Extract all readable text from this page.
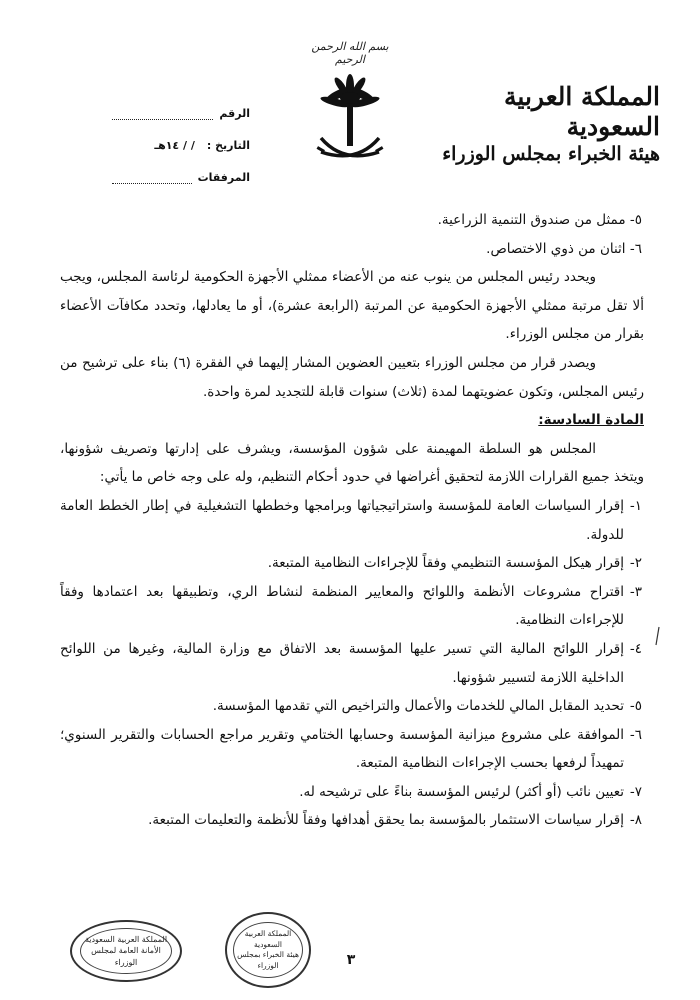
بسم الله الرحمن الرحيم
المملكة العربية السعودية
هيئة الخبراء بمجلس الوزراء
الرقم
التاريخ :
/ / ١٤هـ
المرفقات

٥- ممثل من صندوق التنمية الزراعية.

٦- اثنان من ذوي الاختصاص.

ويحدد رئيس المجلس من ينوب عنه من الأعضاء ممثلي الأجهزة الحكومية لرئاسة المجلس، ويجب ألا تقل مرتبة ممثلي الأجهزة الحكومية عن المرتبة (الرابعة عشرة)، أو ما يعادلها، وتحدد مكافآت الأعضاء بقرار من مجلس الوزراء.

ويصدر قرار من مجلس الوزراء بتعيين العضوين المشار إليهما في الفقرة (٦) بناء على ترشيح من رئيس المجلس، وتكون عضويتهما لمدة (ثلاث) سنوات قابلة للتجديد لمرة واحدة.

المادة السادسة:

المجلس هو السلطة المهيمنة على شؤون المؤسسة، ويشرف على إدارتها وتصريف شؤونها، ويتخذ جميع القرارات اللازمة لتحقيق أغراضها في حدود أحكام التنظيم، وله على وجه خاص ما يأتي:

١-إقرار السياسات العامة للمؤسسة واستراتيجياتها وبرامجها وخططها التشغيلية في إطار الخطط العامة للدولة.

٢-إقرار هيكل المؤسسة التنظيمي وفقاً للإجراءات النظامية المتبعة.

٣-اقتراح مشروعات الأنظمة واللوائح والمعايير المنظمة لنشاط الري، وتطبيقها بعد اعتمادها وفقاً للإجراءات النظامية.

٤-إقرار اللوائح المالية التي تسير عليها المؤسسة بعد الاتفاق مع وزارة المالية، وغيرها من اللوائح الداخلية اللازمة لتسيير شؤونها.

٥-تحديد المقابل المالي للخدمات والأعمال والتراخيص التي تقدمها المؤسسة.

٦-الموافقة على مشروع ميزانية المؤسسة وحسابها الختامي وتقرير مراجع الحسابات والتقرير السنوي؛ تمهيداً لرفعها بحسب الإجراءات النظامية المتبعة.

٧-تعيين نائب (أو أكثر) لرئيس المؤسسة بناءً على ترشيحه له.

٨-إقرار سياسات الاستثمار بالمؤسسة بما يحقق أهدافها وفقاً للأنظمة والتعليمات المتبعة.

المملكة العربية السعودية
الأمانة العامة لمجلس الوزراء
المملكة العربية السعودية
هيئة الخبراء بمجلس الوزراء	٣
